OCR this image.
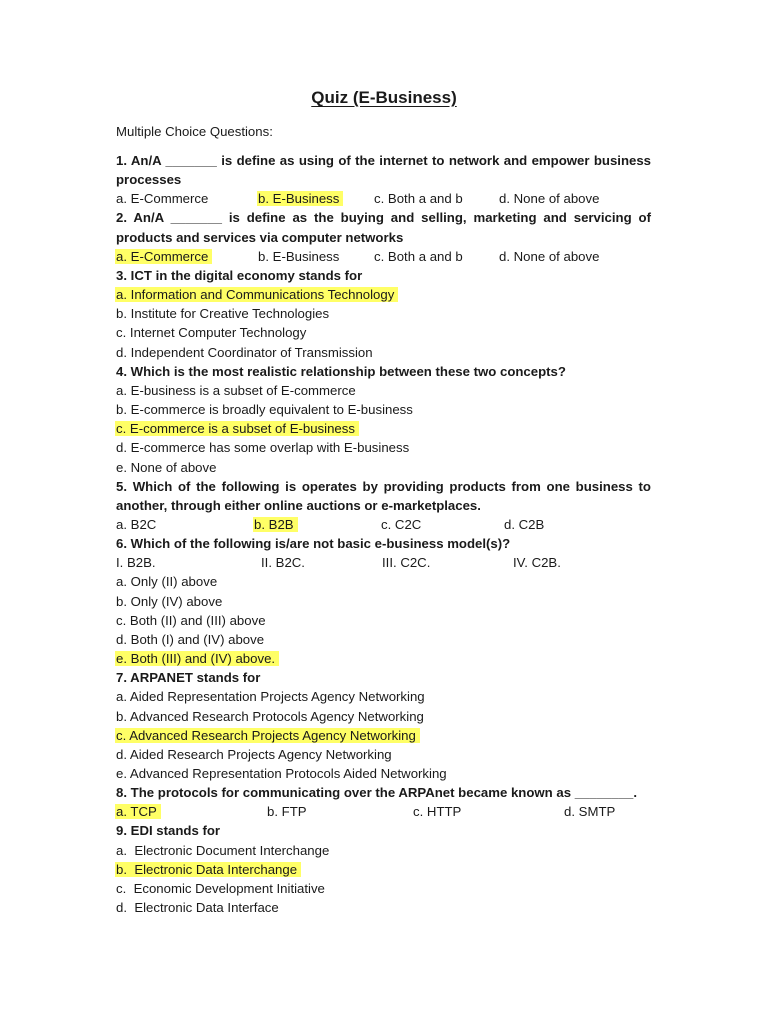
Quiz (E-Business)
Multiple Choice Questions:
1. An/A _______ is define as using of the internet to network and empower business processes
a. E-Commerce	b. E-Business	c. Both a and b	d. None of above
2. An/A _______ is define as the buying and selling, marketing and servicing of products and services via computer networks
a. E-Commerce	b. E-Business	c. Both a and b	d. None of above
3. ICT in the digital economy stands for
a. Information and Communications Technology
b. Institute for Creative Technologies
c. Internet Computer Technology
d. Independent Coordinator of Transmission
4. Which is the most realistic relationship between these two concepts?
a. E-business is a subset of E-commerce
b. E-commerce is broadly equivalent to E-business
c. E-commerce is a subset of E-business
d. E-commerce has some overlap with E-business
e. None of above
5. Which of the following is operates by providing products from one business to another, through either online auctions or e-marketplaces.
a. B2C	b. B2B	c. C2C	d. C2B
6. Which of the following is/are not basic e-business model(s)?
I. B2B.	II. B2C.	III. C2C.	IV. C2B.
a. Only (II) above
b. Only (IV) above
c. Both (II) and (III) above
d. Both (I) and (IV) above
e. Both (III) and (IV) above.
7. ARPANET stands for
a. Aided Representation Projects Agency Networking
b. Advanced Research Protocols Agency Networking
c. Advanced Research Projects Agency Networking
d. Aided Research Projects Agency Networking
e. Advanced Representation Protocols Aided Networking
8. The protocols for communicating over the ARPAnet became known as ________.
a. TCP	b. FTP	c. HTTP	d. SMTP
9. EDI stands for
a.  Electronic Document Interchange
b.  Electronic Data Interchange
c.  Economic Development Initiative
d.  Electronic Data Interface
